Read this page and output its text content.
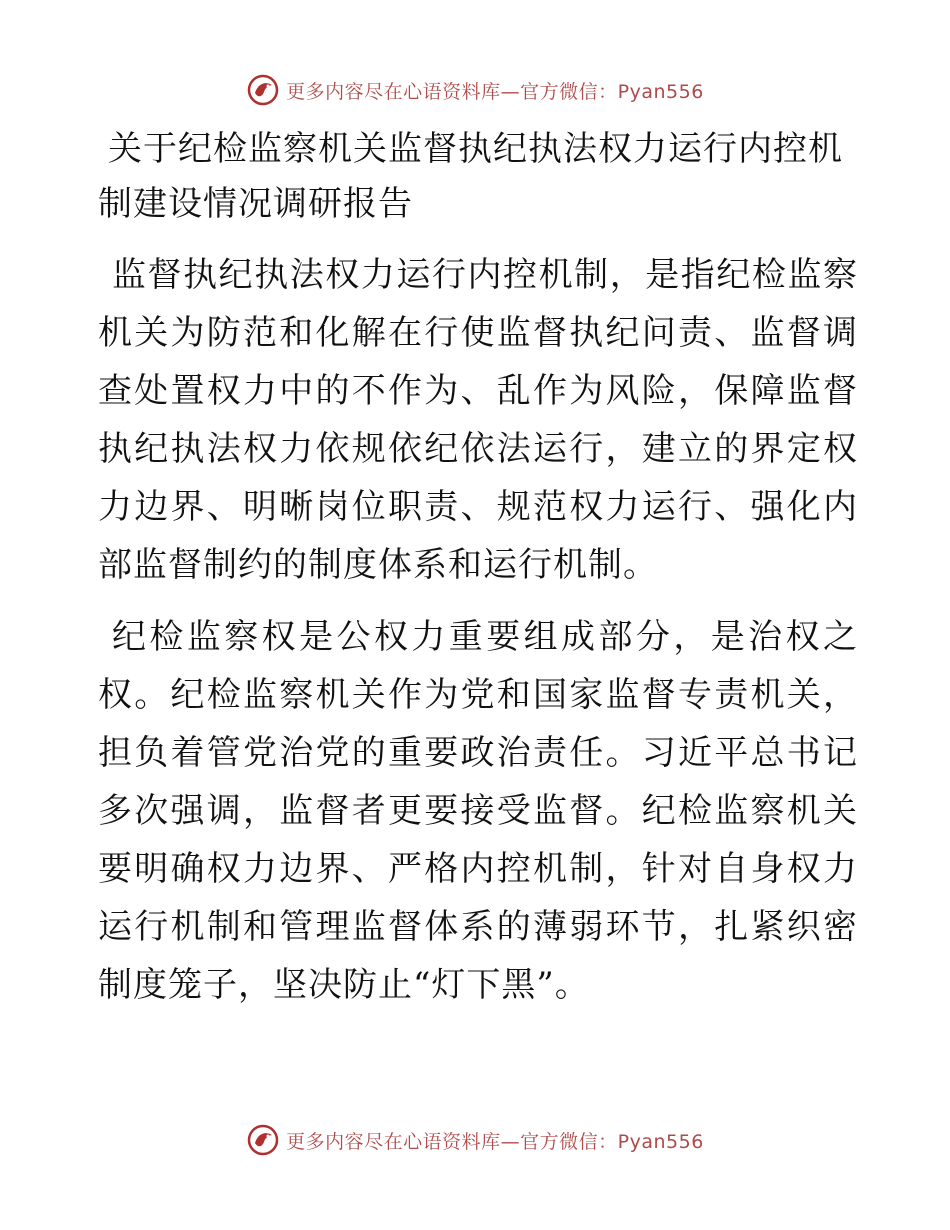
更多内容尽在心语资料库—官方微信：Pyan556
关于纪检监察机关监督执纪执法权力运行内控机制建设情况调研报告

监督执纪执法权力运行内控机制，是指纪检监察机关为防范和化解在行使监督执纪问责、监督调查处置权力中的不作为、乱作为风险，保障监督执纪执法权力依规依纪依法运行，建立的界定权力边界、明晰岗位职责、规范权力运行、强化内部监督制约的制度体系和运行机制。

纪检监察权是公权力重要组成部分，是治权之权。纪检监察机关作为党和国家监督专责机关，担负着管党治党的重要政治责任。习近平总书记多次强调，监督者更要接受监督。纪检监察机关要明确权力边界、严格内控机制，针对自身权力运行机制和管理监督体系的薄弱环节，扎紧织密制度笼子，坚决防止“灯下黑”。

更多内容尽在心语资料库—官方微信：Pyan556
